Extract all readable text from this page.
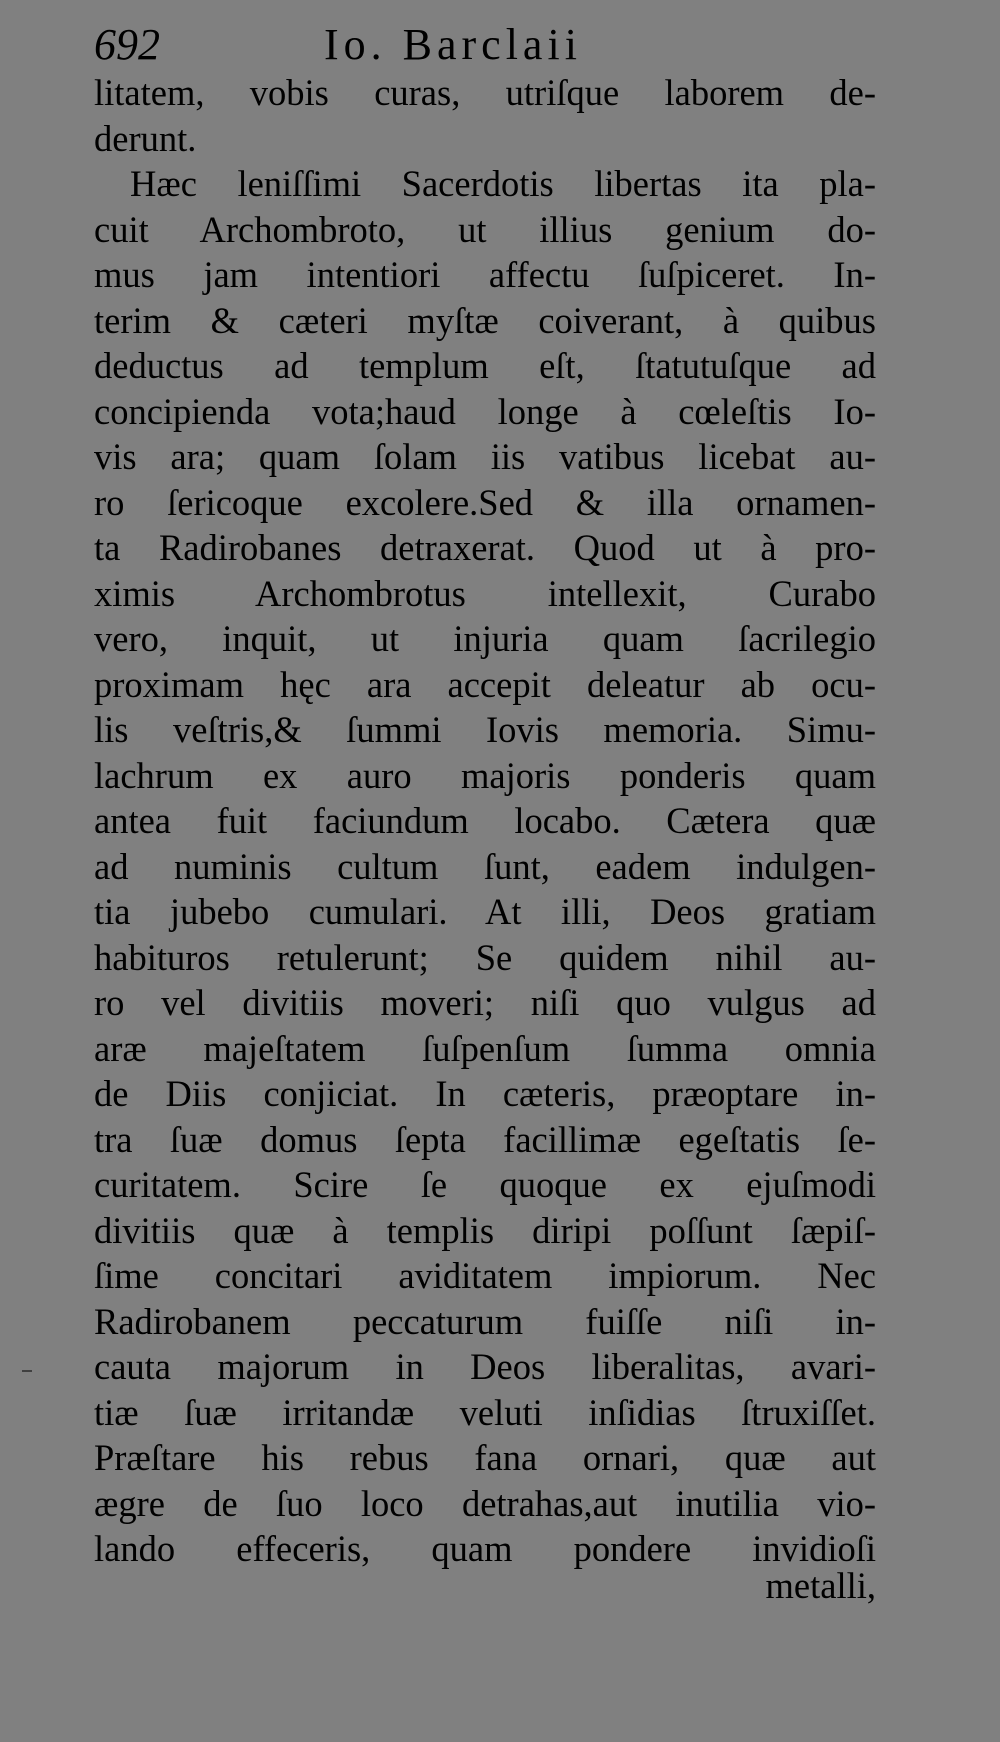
692	Io. Barclaii
litatem, vobis curas, utriſque laborem de-
derunt.
Hæc leniſſimi Sacerdotis libertas ita pla-
cuit Archombroto, ut illius genium do-
mus jam intentiori affectu ſuſpiceret. In-
terim & cæteri myſtæ coiverant, à quibus
deductus ad templum eſt, ſtatutuſque ad
concipienda vota;haud longe à cœleſtis Io-
vis ara; quam ſolam iis vatibus licebat au-
ro ſericoque excolere.Sed & illa ornamen-
ta Radirobanes detraxerat. Quod ut à pro-
ximis Archombrotus intellexit, Curabo
vero, inquit, ut injuria quam ſacrilegio
proximam hęc ara accepit deleatur ab ocu-
lis veſtris,& ſummi Iovis memoria. Simu-
lachrum ex auro majoris ponderis quam
antea fuit faciundum locabo. Cætera quæ
ad numinis cultum ſunt, eadem indulgen-
tia jubebo cumulari. At illi, Deos gratiam
habituros retulerunt; Se quidem nihil au-
ro vel divitiis moveri; niſi quo vulgus ad
aræ majeſtatem ſuſpenſum ſumma omnia
de Diis conjiciat. In cæteris, præoptare in-
tra ſuæ domus ſepta facillimæ egeſtatis ſe-
curitatem. Scire ſe quoque ex ejuſmodi
divitiis quæ à templis diripi poſſunt ſæpiſ-
ſime concitari aviditatem impiorum. Nec
Radirobanem peccaturum fuiſſe niſi in-
cauta majorum in Deos liberalitas, avari-
tiæ ſuæ irritandæ veluti inſidias ſtruxiſſet.
Præſtare his rebus fana ornari, quæ aut
ægre de ſuo loco detrahas,aut inutilia vio-
lando effeceris, quam pondere invidioſi
metalli,
